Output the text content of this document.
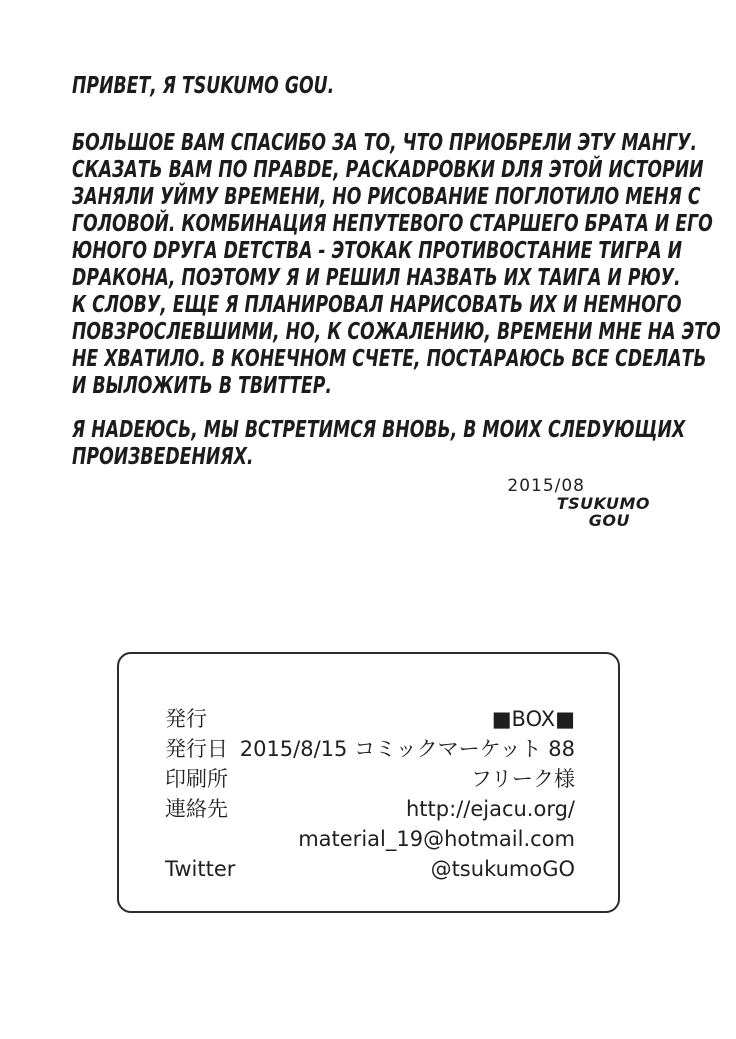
ПРИВЕТ, Я TSUKUMO GOU.
БОЛЬШОЕ ВАМ СПАСИБО ЗА ТО, ЧТО ПРИОБРЕЛИ ЭТУ МАНГУ.
СКАЗАТЬ ВАМ ПО ПРАВDЕ, РАСКАDРОВКИ DЛЯ ЭТОЙ ИСТОРИИ
ЗАНЯЛИ УЙМУ ВРЕМЕНИ, НО РИСОВАНИЕ ПОГЛОТИЛО МЕНЯ С
ГОЛОВОЙ. КОМБИНАЦИЯ НЕПУТЕВОГО СТАРШЕГО БРАТА И ЕГО
ЮНОГО DРУГА DЕТСТВА - ЭТОКАК ПРОТИВОСТАНИЕ ТИГРА И
DРАКОНА, ПОЭТОМУ Я И РЕШИЛ НАЗВАТЬ ИХ ТАИГА И РЮУ.
К СЛОВУ, ЕЩЕ Я ПЛАНИРОВАЛ НАРИСОВАТЬ ИХ И НЕМНОГО
ПОВЗРОСЛЕВШИМИ, НО, К СОЖАЛЕНИЮ, ВРЕМЕНИ МНЕ НА ЭТО
НЕ ХВАТИЛО. В КОНЕЧНОМ СЧЕТЕ, ПОСТАРАЮСЬ ВСЕ СDЕЛАТЬ
И ВЫЛОЖИТЬ В ТВИТТЕР.
Я НАDЕЮСЬ, МЫ ВСТРЕТИМСЯ ВНОВЬ, В МОИХ СЛЕDУЮЩИХ
ПРОИЗВЕDЕНИЯХ.
2015/08
TSUKUMO
GOU
発行	■BOX■
発行日 2015/8/15 コミックマーケット 88
印刷所	フリーク様
連絡先	http://ejacu.org/
material_19@hotmail.com
Twitter	@tsukumoGO
